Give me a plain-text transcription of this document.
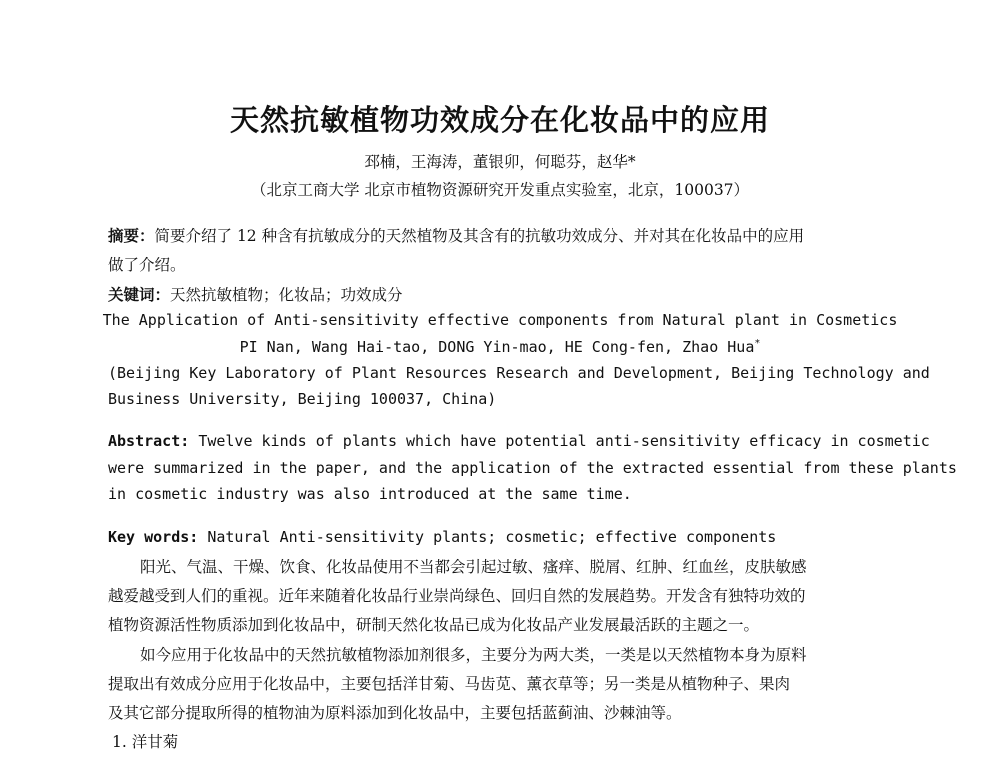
天然抗敏植物功效成分在化妆品中的应用
邳楠，王海涛，董银卯，何聪芬，赵华*
（北京工商大学 北京市植物资源研究开发重点实验室，北京，100037）
摘要：简要介绍了 12 种含有抗敏成分的天然植物及其含有的抗敏功效成分、并对其在化妆品中的应用
做了介绍。
关键词：天然抗敏植物；化妆品；功效成分
The Application of Anti-sensitivity effective components from Natural plant in Cosmetics
PI Nan, Wang Hai-tao, DONG Yin-mao, HE Cong-fen, Zhao Hua*
(Beijing Key Laboratory of Plant Resources Research and Development, Beijing Technology and
Business University, Beijing 100037, China)
Abstract: Twelve kinds of plants which have potential anti-sensitivity efficacy in cosmetic
were summarized in the paper, and the application of the extracted essential from these plants
in cosmetic industry was also introduced at the same time.
Key words: Natural Anti-sensitivity plants; cosmetic; effective components
阳光、气温、干燥、饮食、化妆品使用不当都会引起过敏、瘙痒、脱屑、红肿、红血丝，皮肤敏感
越爱越受到人们的重视。近年来随着化妆品行业崇尚绿色、回归自然的发展趋势。开发含有独特功效的
植物资源活性物质添加到化妆品中，研制天然化妆品已成为化妆品产业发展最活跃的主题之一。
如今应用于化妆品中的天然抗敏植物添加剂很多，主要分为两大类，一类是以天然植物本身为原料
提取出有效成分应用于化妆品中，主要包括洋甘菊、马齿苋、薰衣草等；另一类是从植物种子、果肉
及其它部分提取所得的植物油为原料添加到化妆品中，主要包括蓝蓟油、沙棘油等。
1. 洋甘菊
